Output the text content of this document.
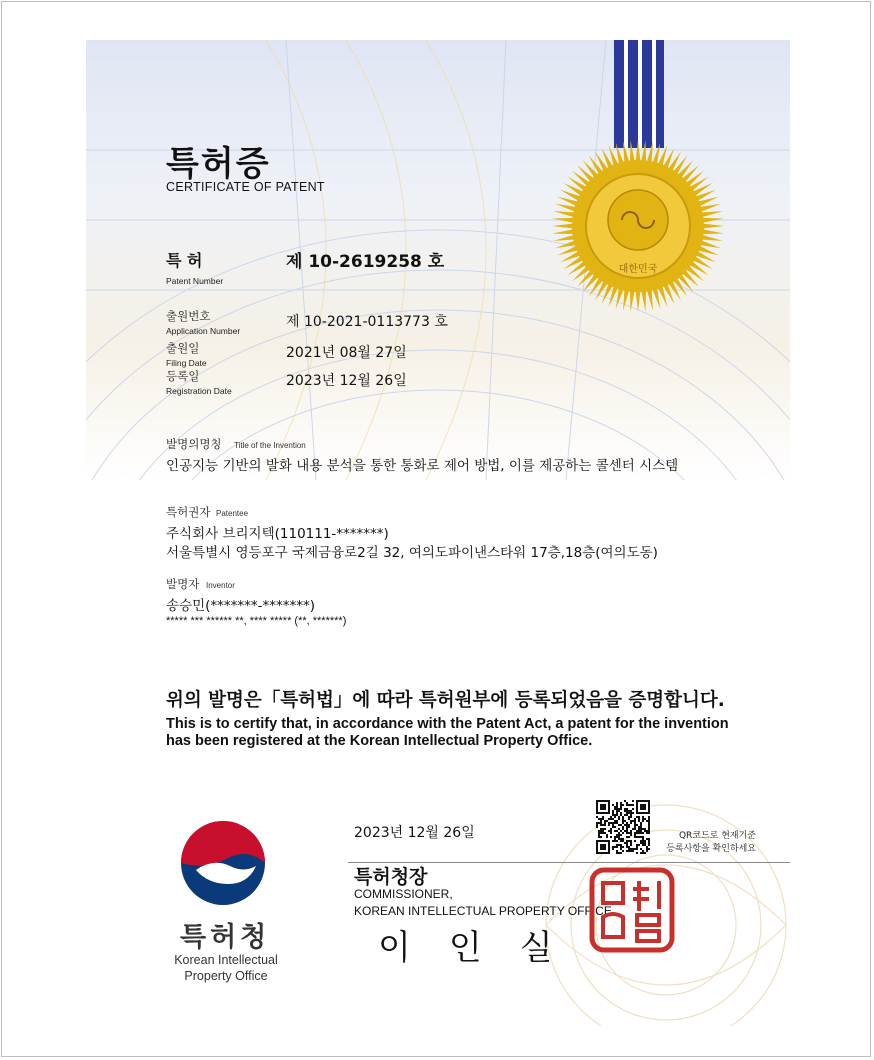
대한민국
특허증
CERTIFICATE OF PATENT
특 허
Patent Number
제 10-2619258 호
출원번호
Application Number
제 10-2021-0113773 호
출원일
Filing Date
2021년 08월 27일
등록일
Registration Date
2023년 12월 26일
발명의명칭 Title of the Invention
인공지능 기반의 발화 내용 분석을 통한 통화로 제어 방법, 이를 제공하는 콜센터 시스템
특허권자 Patentee
주식회사 브리지텍(110111-*******)
서울특별시 영등포구 국제금융로2길 32, 여의도파이낸스타워 17층,18층(여의도동)
발명자 Inventor
송승민(*******-*******)
***** *** ****** **, **** ***** (**, *******)
위의 발명은「특허법」에 따라 특허원부에 등록되었음을 증명합니다.
This is to certify that, in accordance with the Patent Act, a patent for the invention
has been registered at the Korean Intellectual Property Office.
특허청
Korean Intellectual
Property Office
2023년 12월 26일	QR코드로 현재기준
등록사항을 확인하세요
특허청장
COMMISSIONER,
KOREAN INTELLECTUAL PROPERTY OFFICE
이인실
